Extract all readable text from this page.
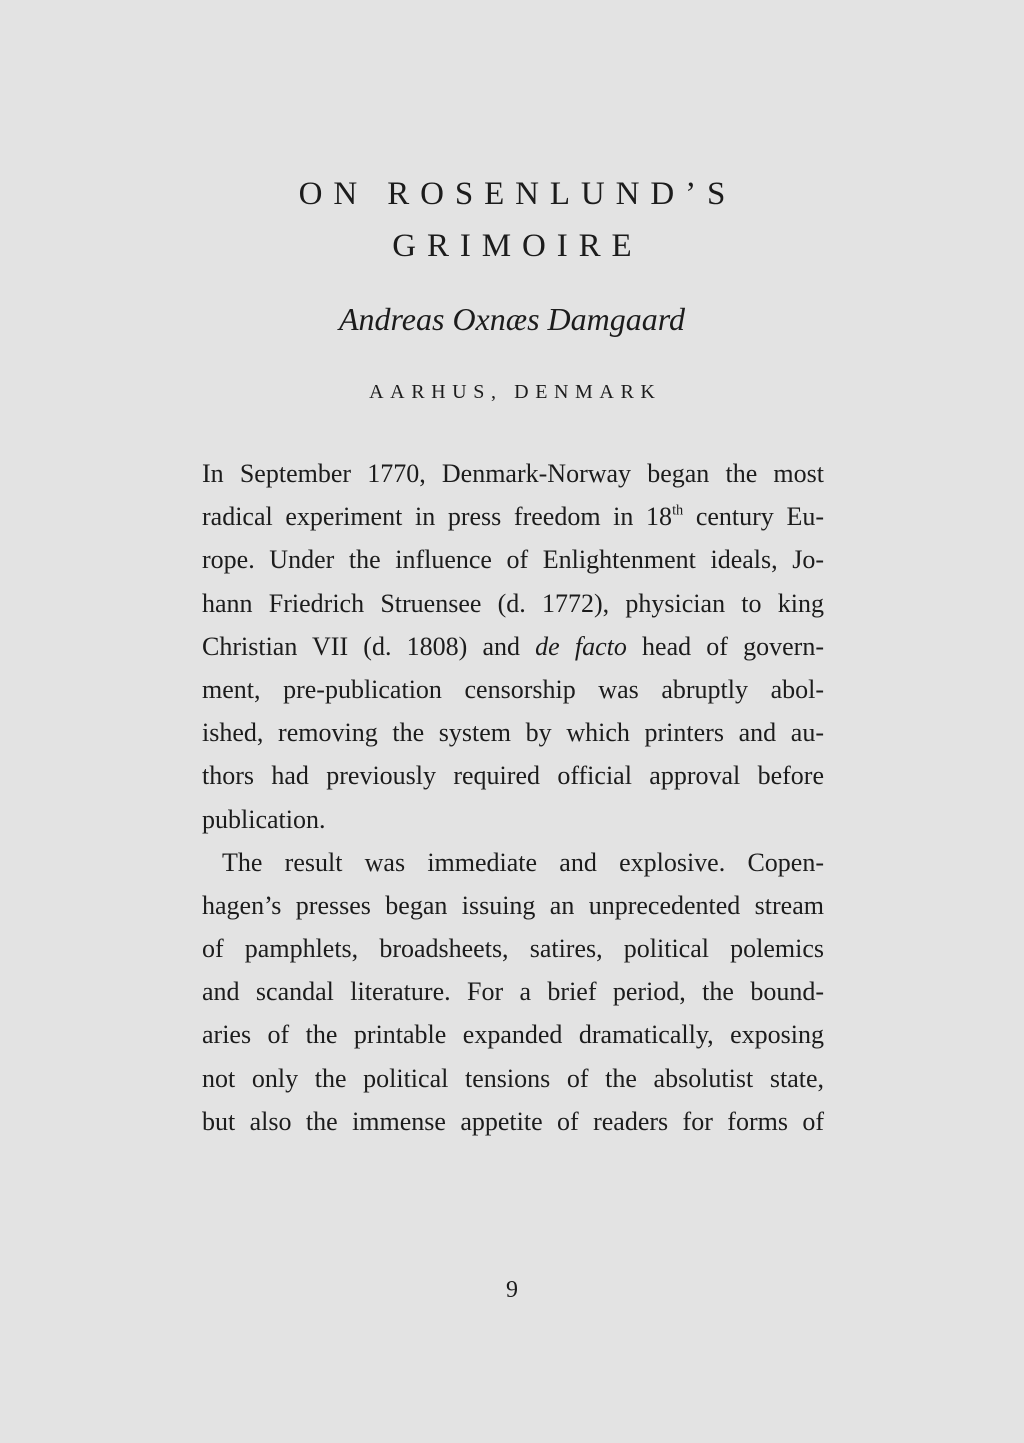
ON ROSENLUND’S
GRIMOIRE
Andreas Oxnæs Damgaard
AARHUS, DENMARK

In September 1770, Denmark-Norway began the most
radical experiment in press freedom in 18th century Eu-
rope. Under the influence of Enlightenment ideals, Jo-
hann Friedrich Struensee (d. 1772), physician to king
Christian VII (d. 1808) and de facto head of govern-
ment, pre-publication censorship was abruptly abol-
ished, removing the system by which printers and au-
thors had previously required official approval before
publication.

The result was immediate and explosive. Copen-
hagen’s presses began issuing an unprecedented stream
of pamphlets, broadsheets, satires, political polemics
and scandal literature. For a brief period, the bound-
aries of the printable expanded dramatically, exposing
not only the political tensions of the absolutist state,
but also the immense appetite of readers for forms of

9
